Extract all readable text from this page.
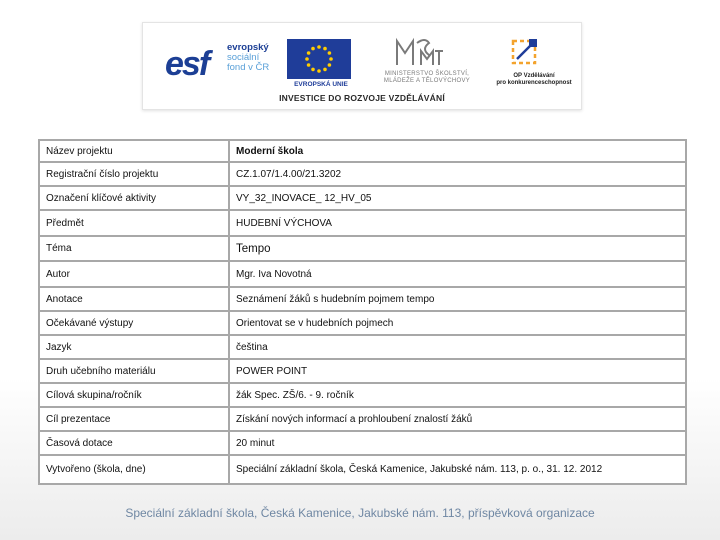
esf evropský
sociální
fond v ČR
EVROPSKÁ UNIE
MINISTERSTVO ŠKOLSTVÍ,
MLÁDEŽE A TĚLOVÝCHOVY
OP Vzdělávání
pro konkurenceschopnost
INVESTICE DO ROZVOJE VZDĚLÁVÁNÍ
Název projektu	Moderní škola
Registrační číslo projektu	CZ.1.07/1.4.00/21.3202
Označení klíčové aktivity	VY_32_INOVACE_ 12_HV_05
Předmět	HUDEBNÍ VÝCHOVA
Téma	Tempo
Autor	Mgr. Iva Novotná
Anotace	Seznámení žáků s hudebním pojmem tempo
Očekávané výstupy	Orientovat se v hudebních pojmech
Jazyk	čeština
Druh učebního materiálu	POWER POINT
Cílová skupina/ročník	žák Spec. ZŠ/6. - 9. ročník
Cíl prezentace	Získání nových informací a prohloubení znalostí žáků
Časová dotace	20 minut
Vytvořeno (škola, dne)	Speciální základní škola, Česká Kamenice, Jakubské nám. 113, p. o., 31. 12. 2012
Speciální základní škola, Česká Kamenice, Jakubské nám. 113, příspěvková organizace
